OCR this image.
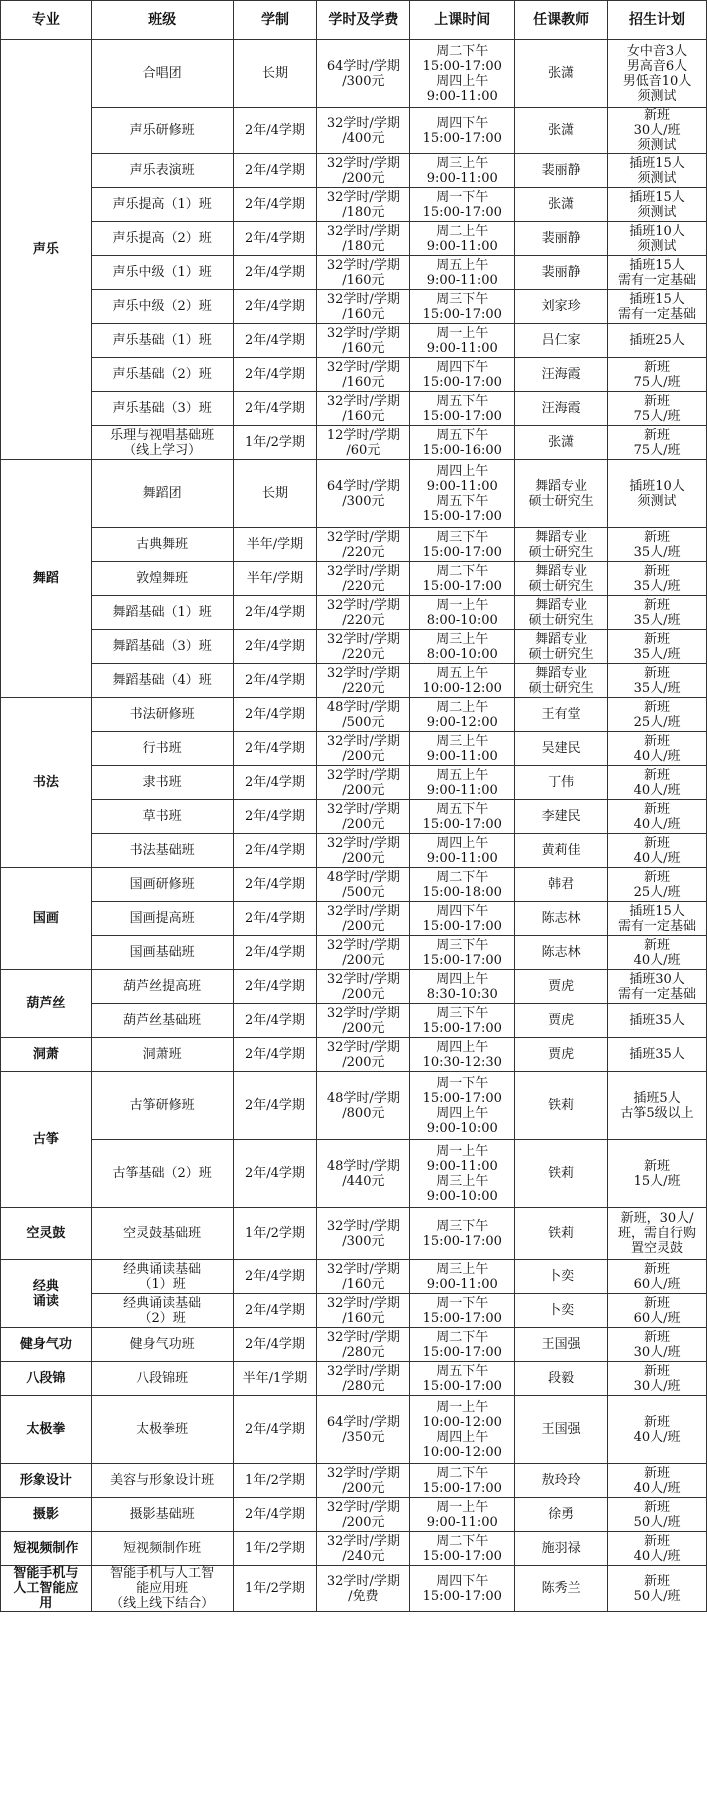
专业	班级	学制	学时及学费	上课时间	任课教师	招生计划
声乐	合唱团	长期	64学时/学期
/300元	周二下午
15:00-17:00
周四上午
9:00-11:00	张潇	女中音3人
男高音6人
男低音10人
须测试
	声乐研修班	2年/4学期	32学时/学期
/400元	周四下午
15:00-17:00	张潇	新班
30人/班
须测试
	声乐表演班	2年/4学期	32学时/学期
/200元	周三上午
9:00-11:00	裴丽静	插班15人
须测试
	声乐提高（1）班	2年/4学期	32学时/学期
/180元	周一下午
15:00-17:00	张潇	插班15人
须测试
	声乐提高（2）班	2年/4学期	32学时/学期
/180元	周二上午
9:00-11:00	裴丽静	插班10人
须测试
	声乐中级（1）班	2年/4学期	32学时/学期
/160元	周五上午
9:00-11:00	裴丽静	插班15人
需有一定基础
	声乐中级（2）班	2年/4学期	32学时/学期
/160元	周三下午
15:00-17:00	刘家珍	插班15人
需有一定基础
	声乐基础（1）班	2年/4学期	32学时/学期
/160元	周一上午
9:00-11:00	吕仁家	插班25人
	声乐基础（2）班	2年/4学期	32学时/学期
/160元	周四下午
15:00-17:00	汪海霞	新班
75人/班
	声乐基础（3）班	2年/4学期	32学时/学期
/160元	周五下午
15:00-17:00	汪海霞	新班
75人/班
	乐理与视唱基础班
（线上学习）	1年/2学期	12学时/学期
/60元	周五下午
15:00-16:00	张潇	新班
75人/班
舞蹈	舞蹈团	长期	64学时/学期
/300元	周四上午
9:00-11:00
周五下午
15:00-17:00	舞蹈专业
硕士研究生	插班10人
须测试
	古典舞班	半年/学期	32学时/学期
/220元	周三下午
15:00-17:00	舞蹈专业
硕士研究生	新班
35人/班
	敦煌舞班	半年/学期	32学时/学期
/220元	周二下午
15:00-17:00	舞蹈专业
硕士研究生	新班
35人/班
	舞蹈基础（1）班	2年/4学期	32学时/学期
/220元	周一上午
8:00-10:00	舞蹈专业
硕士研究生	新班
35人/班
	舞蹈基础（3）班	2年/4学期	32学时/学期
/220元	周三上午
8:00-10:00	舞蹈专业
硕士研究生	新班
35人/班
	舞蹈基础（4）班	2年/4学期	32学时/学期
/220元	周五上午
10:00-12:00	舞蹈专业
硕士研究生	新班
35人/班
书法	书法研修班	2年/4学期	48学时/学期
/500元	周二上午
9:00-12:00	王有堂	新班
25人/班
	行书班	2年/4学期	32学时/学期
/200元	周三上午
9:00-11:00	吴建民	新班
40人/班
	隶书班	2年/4学期	32学时/学期
/200元	周五上午
9:00-11:00	丁伟	新班
40人/班
	草书班	2年/4学期	32学时/学期
/200元	周五下午
15:00-17:00	李建民	新班
40人/班
	书法基础班	2年/4学期	32学时/学期
/200元	周四上午
9:00-11:00	黄莉佳	新班
40人/班
国画	国画研修班	2年/4学期	48学时/学期
/500元	周二下午
15:00-18:00	韩君	新班
25人/班
	国画提高班	2年/4学期	32学时/学期
/200元	周四下午
15:00-17:00	陈志林	插班15人
需有一定基础
	国画基础班	2年/4学期	32学时/学期
/200元	周三下午
15:00-17:00	陈志林	新班
40人/班
葫芦丝	葫芦丝提高班	2年/4学期	32学时/学期
/200元	周四上午
8:30-10:30	贾虎	插班30人
需有一定基础
	葫芦丝基础班	2年/4学期	32学时/学期
/200元	周三下午
15:00-17:00	贾虎	插班35人
洞萧	洞萧班	2年/4学期	32学时/学期
/200元	周四上午
10:30-12:30	贾虎	插班35人
古筝	古筝研修班	2年/4学期	48学时/学期
/800元	周一下午
15:00-17:00
周四上午
9:00-10:00	铁莉	插班5人
古筝5级以上
	古筝基础（2）班	2年/4学期	48学时/学期
/440元	周一上午
9:00-11:00
周三上午
9:00-10:00	铁莉	新班
15人/班
空灵鼓	空灵鼓基础班	1年/2学期	32学时/学期
/300元	周三下午
15:00-17:00	铁莉	新班，30人/
班，需自行购
置空灵鼓
经典
诵读	经典诵读基础
（1）班	2年/4学期	32学时/学期
/160元	周三上午
9:00-11:00	卜奕	新班
60人/班
	经典诵读基础
（2）班	2年/4学期	32学时/学期
/160元	周一下午
15:00-17:00	卜奕	新班
60人/班
健身气功	健身气功班	2年/4学期	32学时/学期
/280元	周二下午
15:00-17:00	王国强	新班
30人/班
八段锦	八段锦班	半年/1学期	32学时/学期
/280元	周五下午
15:00-17:00	段毅	新班
30人/班
太极拳	太极拳班	2年/4学期	64学时/学期
/350元	周一上午
10:00-12:00
周四上午
10:00-12:00	王国强	新班
40人/班
形象设计	美容与形象设计班	1年/2学期	32学时/学期
/200元	周二下午
15:00-17:00	敖玲玲	新班
40人/班
摄影	摄影基础班	2年/4学期	32学时/学期
/200元	周一上午
9:00-11:00	徐勇	新班
50人/班
短视频制作	短视频制作班	1年/2学期	32学时/学期
/240元	周二下午
15:00-17:00	施羽禄	新班
40人/班
智能手机与
人工智能应
用	智能手机与人工智
能应用班
（线上线下结合）	1年/2学期	32学时/学期
/免费	周四下午
15:00-17:00	陈秀兰	新班
50人/班
